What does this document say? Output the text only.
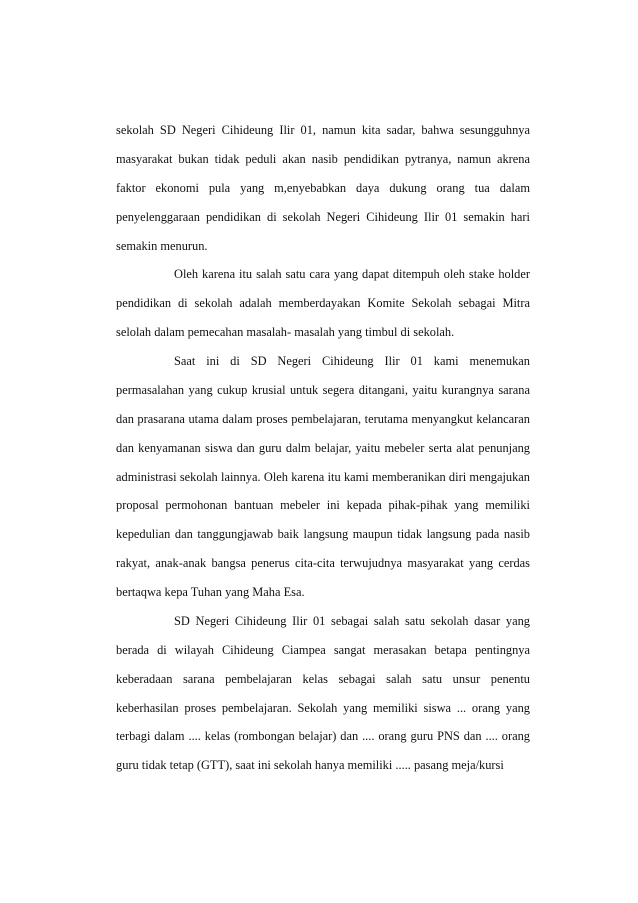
sekolah SD Negeri Cihideung Ilir 01, namun kita sadar, bahwa sesungguhnya masyarakat bukan tidak peduli akan nasib pendidikan pytranya, namun akrena faktor ekonomi pula yang m,enyebabkan daya dukung orang tua dalam penyelenggaraan pendidikan di sekolah Negeri Cihideung Ilir 01 semakin hari semakin menurun.

Oleh karena itu salah satu cara yang dapat ditempuh oleh stake holder pendidikan di sekolah adalah memberdayakan Komite Sekolah sebagai Mitra selolah dalam pemecahan masalah- masalah yang timbul di sekolah.

Saat ini di SD Negeri Cihideung Ilir 01 kami menemukan permasalahan yang cukup krusial untuk segera ditangani, yaitu kurangnya sarana dan prasarana utama dalam proses pembelajaran, terutama menyangkut kelancaran dan kenyamanan siswa dan guru dalm belajar, yaitu mebeler serta alat penunjang administrasi sekolah lainnya. Oleh karena itu kami memberanikan diri mengajukan proposal permohonan bantuan mebeler ini kepada pihak-pihak yang memiliki kepedulian dan tanggungjawab baik langsung maupun tidak langsung pada nasib rakyat, anak-anak bangsa penerus cita-cita terwujudnya masyarakat yang cerdas bertaqwa kepa Tuhan yang Maha Esa.

SD Negeri Cihideung Ilir 01 sebagai salah satu sekolah dasar yang berada di wilayah Cihideung Ciampea sangat merasakan betapa pentingnya keberadaan sarana pembelajaran kelas sebagai salah satu unsur penentu keberhasilan proses pembelajaran. Sekolah yang memiliki siswa ... orang yang terbagi dalam .... kelas (rombongan belajar) dan .... orang guru PNS dan .... orang guru tidak tetap (GTT), saat ini sekolah hanya memiliki ..... pasang meja/kursi
